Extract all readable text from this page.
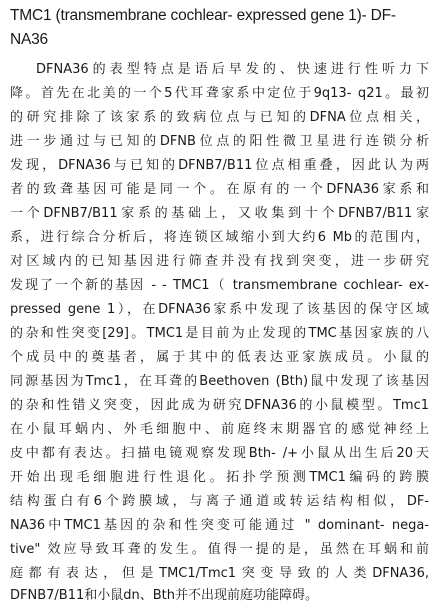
TMC1 (transmembrane cochlear- expressed gene 1)- DF-
NA36
DFNA36的表型特点是语后早发的、快速进行性听力下
降。首先在北美的一个5代耳聋家系中定位于9q13- q21。最初
的研究排除了该家系的致病位点与已知的DFNA位点相关，
进一步通过与已知的DFNB位点的阳性微卫星进行连锁分析
发现，DFNA36与已知的DFNB7/B11位点相重叠，因此认为两
者的致聋基因可能是同一个。在原有的一个DFNA36家系和
一个DFNB7/B11家系的基础上，又收集到十个DFNB7/B11家
系，进行综合分析后，将连锁区域缩小到大约6 Mb的范围内，
对区域内的已知基因进行筛查并没有找到突变，进一步研究
发现了一个新的基因 - - TMC1（ transmembrane cochlear- ex-
pressed gene 1），在DFNA36家系中发现了该基因的保守区域
的杂和性突变[29]。TMC1是目前为止发现的TMC基因家族的八
个成员中的奠基者，属于其中的低表达亚家族成员。小鼠的
同源基因为Tmc1，在耳聋的Beethoven (Bth)鼠中发现了该基因
的杂和性错义突变，因此成为研究DFNA36的小鼠模型。Tmc1
在小鼠耳蜗内、外毛细胞中、前庭终末期器官的感觉神经上
皮中都有表达。扫描电镜观察发现Bth- /+小鼠从出生后20天
开始出现毛细胞进行性退化。拓扑学预测TMC1编码的跨膜
结构蛋白有6个跨膜域，与离子通道或转运结构相似，DF-
NA36中TMC1基因的杂和性突变可能通过 " dominant- nega-
tive" 效应导致耳聋的发生。值得一提的是，虽然在耳蜗和前
庭都有表达，但是TMC1/Tmc1突变导致的人类DFNA36,
DFNB7/B11和小鼠dn、Bth并不出现前庭功能障碍。
